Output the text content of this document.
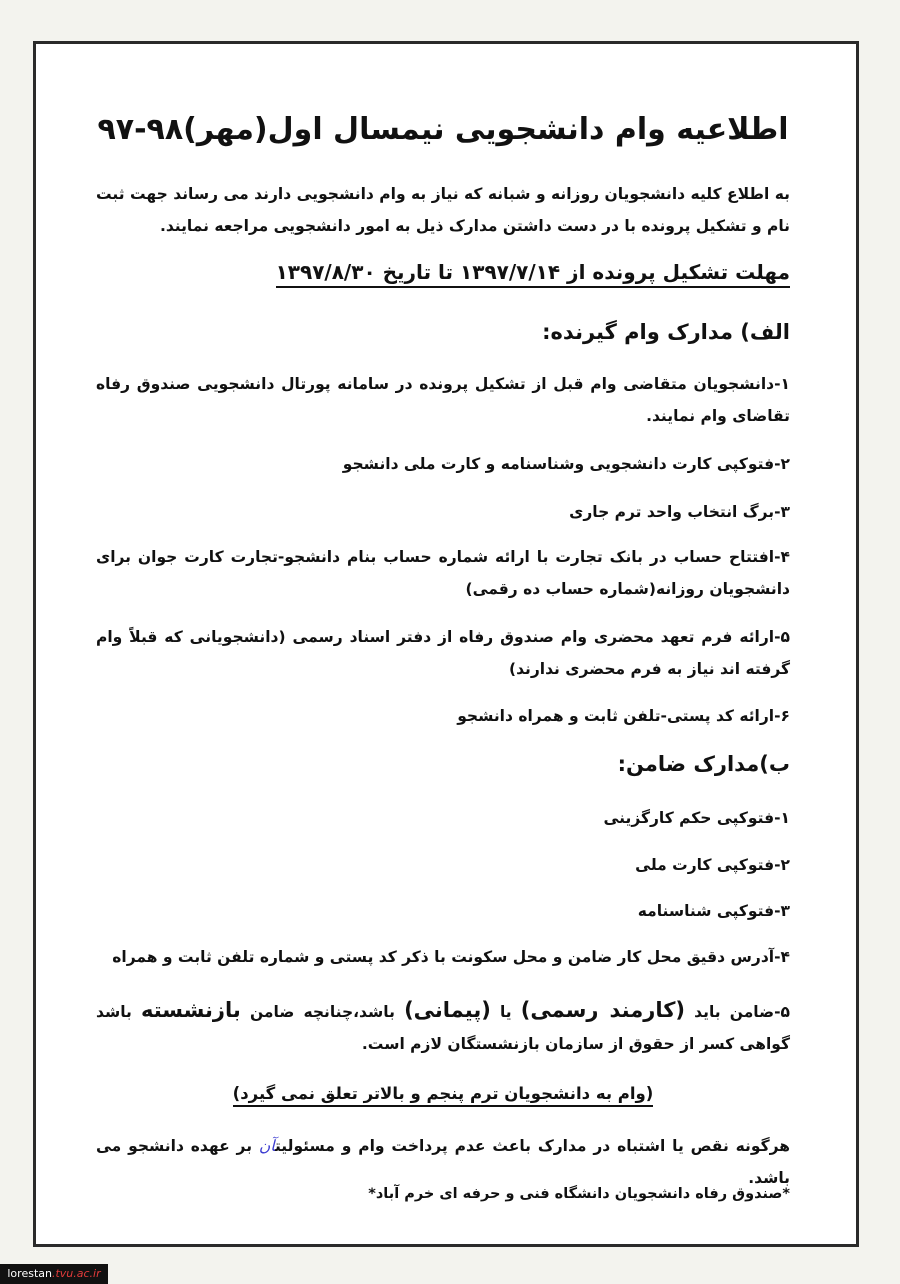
اطلاعیه وام دانشجویی نیمسال اول(مهر)۹۸-۹۷
به اطلاع کلیه دانشجویان روزانه و شبانه که نیاز به وام دانشجویی دارند می رساند جهت ثبت نام و تشکیل پرونده با در دست داشتن مدارک ذیل به امور دانشجویی مراجعه نمایند.
مهلت تشکیل پرونده از ۱۳۹۷/۷/۱۴ تا تاریخ ۱۳۹۷/۸/۳۰
الف) مدارک وام گیرنده:
۱-دانشجویان متقاضی وام قبل از تشکیل پرونده در سامانه پورتال دانشجویی صندوق رفاه تقاضای وام نمایند.
۲-فتوکپی کارت دانشجویی وشناسنامه و کارت ملی دانشجو
۳-برگ انتخاب واحد ترم جاری
۴-افتتاح حساب در بانک تجارت با ارائه شماره حساب بنام دانشجو-تجارت کارت جوان برای دانشجویان روزانه(شماره حساب ده رقمی)
۵-ارائه فرم تعهد محضری وام صندوق رفاه از دفتر اسناد رسمی (دانشجویانی که قبلاً وام گرفته اند نیاز به فرم محضری ندارند)
۶-ارائه کد پستی-تلفن ثابت و همراه دانشجو
ب)مدارک ضامن:
۱-فتوکپی حکم کارگزینی
۲-فتوکپی کارت ملی
۳-فتوکپی شناسنامه
۴-آدرس دقیق محل کار ضامن و محل سکونت با ذکر کد پستی و شماره تلفن ثابت و همراه
۵-ضامن باید (کارمند رسمی) یا (پیمانی) باشد،چنانچه ضامن بازنشسته باشد گواهی کسر از حقوق از سازمان بازنشستگان لازم است.
(وام به دانشجویان ترم پنجم و بالاتر تعلق نمی گیرد)
هرگونه نقص یا اشتباه در مدارک باعث عدم پرداخت وام و مسئولیتآن بر عهده دانشجو می باشد.
*صندوق رفاه دانشجویان دانشگاه فنی و حرفه ای خرم آباد*
lorestan.tvu.ac.ir
